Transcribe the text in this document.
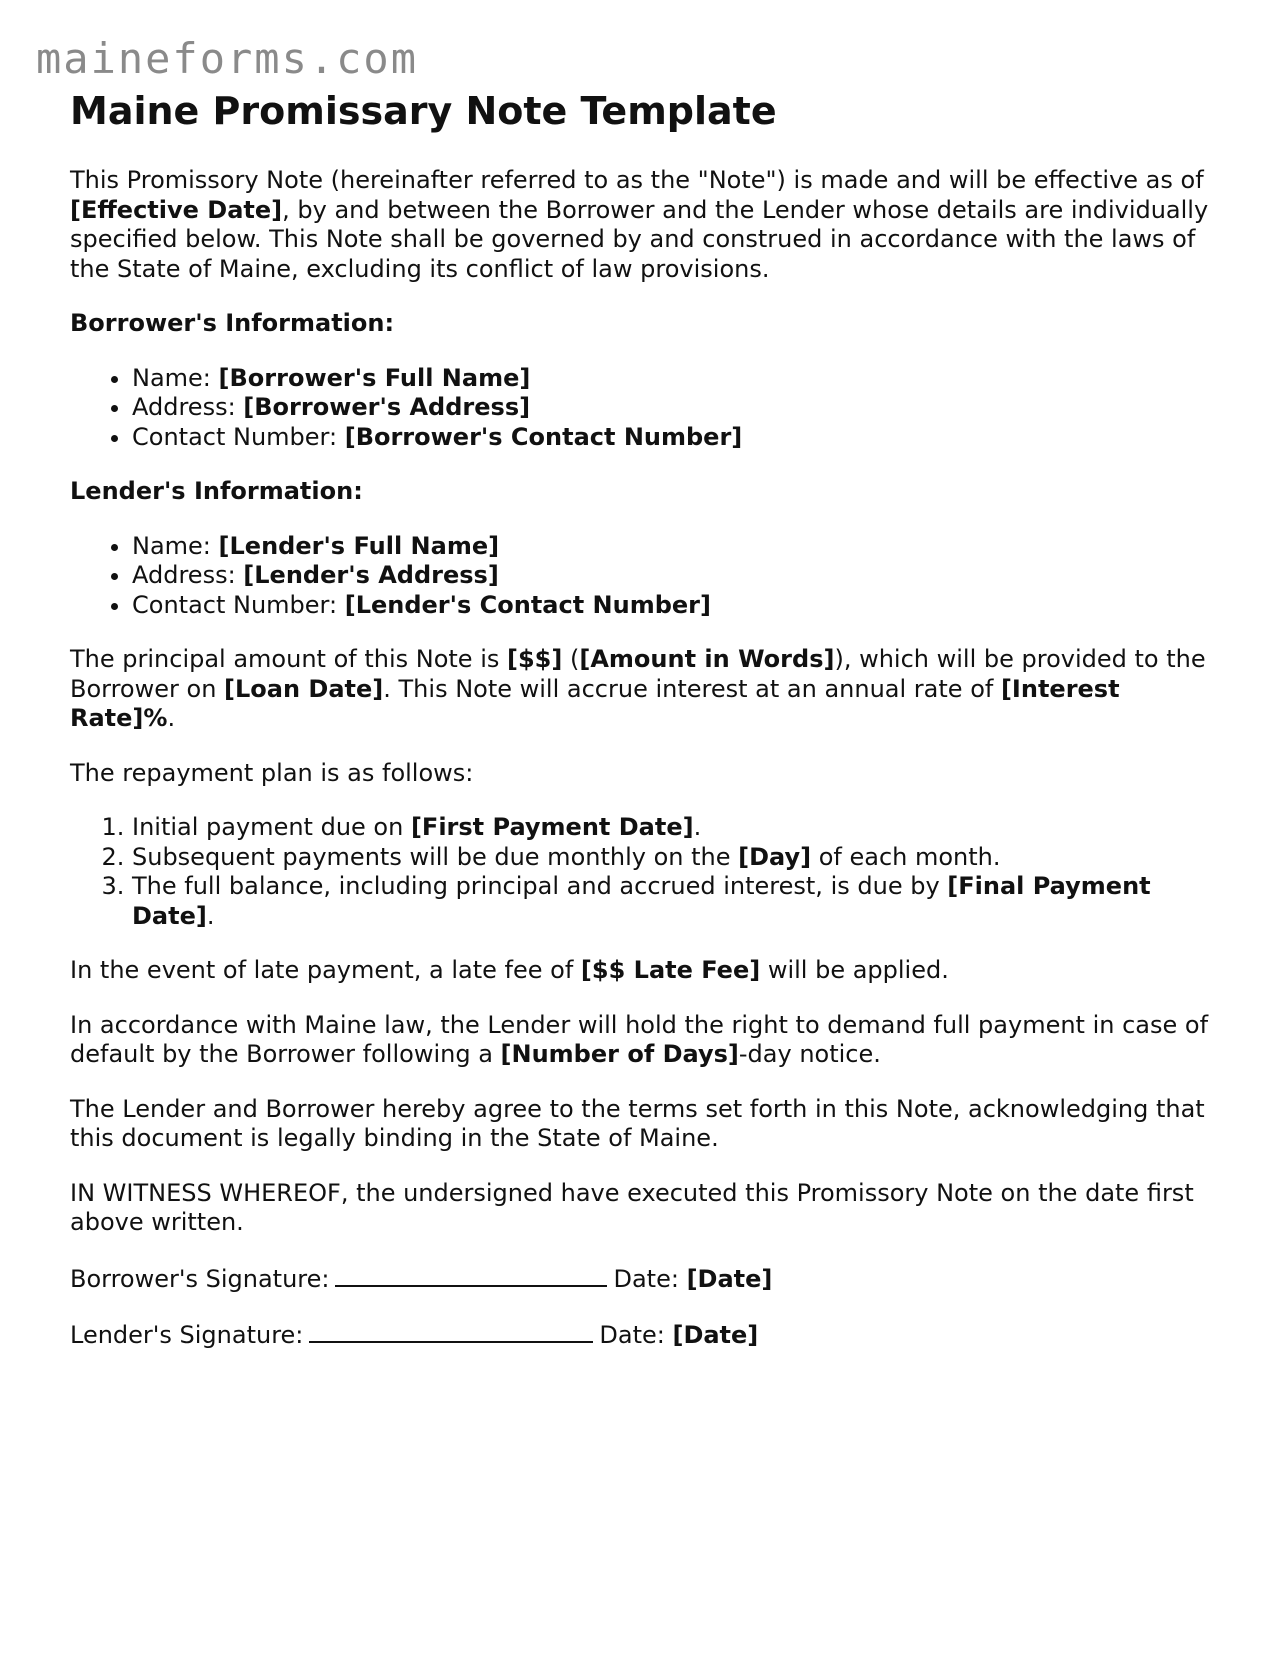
maineforms.com
Maine Promissary Note Template

This Promissory Note (hereinafter referred to as the "Note") is made and will be effective as of [Effective Date], by and between the Borrower and the Lender whose details are individually specified below. This Note shall be governed by and construed in accordance with the laws of the State of Maine, excluding its conflict of law provisions.

Borrower's Information:
• Name: [Borrower's Full Name]
• Address: [Borrower's Address]
• Contact Number: [Borrower's Contact Number]
Lender's Information:
• Name: [Lender's Full Name]
• Address: [Lender's Address]
• Contact Number: [Lender's Contact Number]

The principal amount of this Note is [$$] ([Amount in Words]), which will be provided to the Borrower on [Loan Date]. This Note will accrue interest at an annual rate of [Interest Rate]%.

The repayment plan is as follows:

1. Initial payment due on [First Payment Date].
2. Subsequent payments will be due monthly on the [Day] of each month.
3. The full balance, including principal and accrued interest, is due by [Final Payment Date].

In the event of late payment, a late fee of [$$ Late Fee] will be applied.

In accordance with Maine law, the Lender will hold the right to demand full payment in case of default by the Borrower following a [Number of Days]-day notice.

The Lender and Borrower hereby agree to the terms set forth in this Note, acknowledging that this document is legally binding in the State of Maine.

IN WITNESS WHEREOF, the undersigned have executed this Promissory Note on the date first above written.

Borrower's Signature:	Date: [Date]

Lender's Signature:	Date: [Date]
